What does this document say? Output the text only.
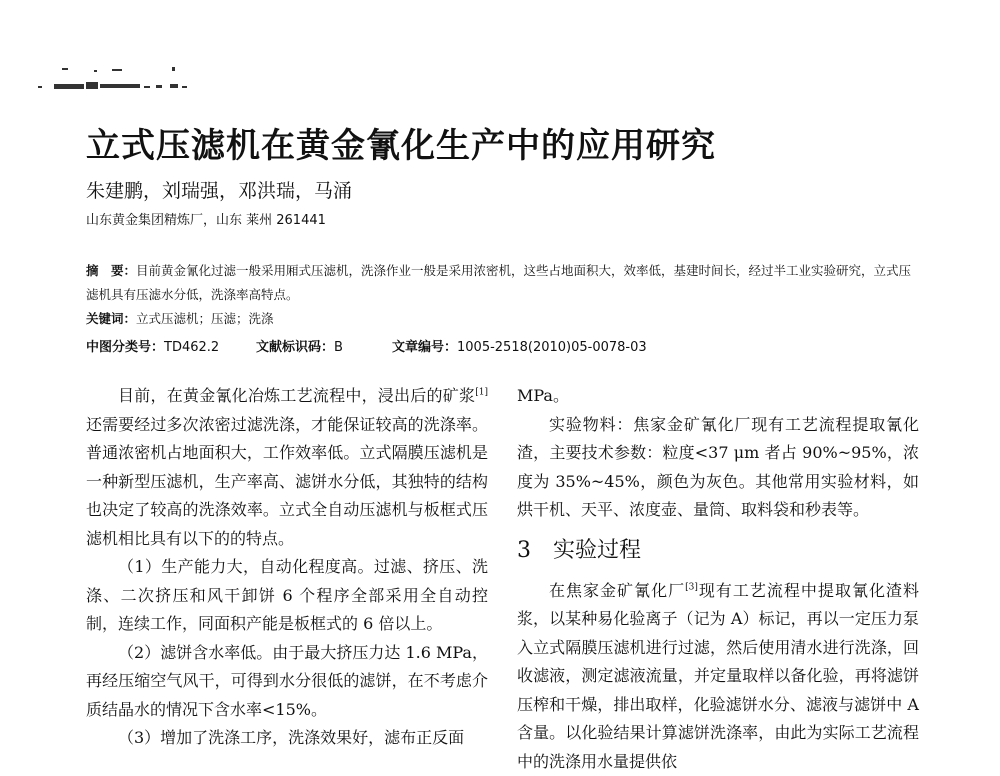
立式压滤机在黄金氰化生产中的应用研究

朱建鹏，刘瑞强，邓洪瑞，马涌

山东黄金集团精炼厂，山东 莱州 261441

摘　要：目前黄金氰化过滤一般采用厢式压滤机，洗涤作业一般是采用浓密机，这些占地面积大，效率低，基建时间长，经过半工业实验研究，立式压滤机具有压滤水分低，洗涤率高特点。

关键词：立式压滤机；压滤；洗涤

中图分类号：TD462.2	文献标识码：B	文章编号：1005-2518(2010)05-0078-03

目前，在黄金氰化冶炼工艺流程中，浸出后的矿浆[1]还需要经过多次浓密过滤洗涤，才能保证较高的洗涤率。普通浓密机占地面积大，工作效率低。立式隔膜压滤机是一种新型压滤机，生产率高、滤饼水分低，其独特的结构也决定了较高的洗涤效率。立式全自动压滤机与板框式压滤机相比具有以下的的特点。

（1）生产能力大，自动化程度高。过滤、挤压、洗涤、二次挤压和风干卸饼 6 个程序全部采用全自动控制，连续工作，同面积产能是板框式的 6 倍以上。

（2）滤饼含水率低。由于最大挤压力达 1.6 MPa，再经压缩空气风干，可得到水分很低的滤饼，在不考虑介质结晶水的情况下含水率<15%。

（3）增加了洗涤工序，洗涤效果好，滤布正反面

MPa。

实验物料：焦家金矿氰化厂现有工艺流程提取氰化渣，主要技术参数：粒度<37 μm 者占 90%~95%，浓度为 35%~45%，颜色为灰色。其他常用实验材料，如烘干机、天平、浓度壶、量筒、取料袋和秒表等。

3　实验过程

在焦家金矿氰化厂[3]现有工艺流程中提取氰化渣料浆，以某种易化验离子（记为 A）标记，再以一定压力泵入立式隔膜压滤机进行过滤，然后使用清水进行洗涤，回收滤液，测定滤液流量，并定量取样以备化验，再将滤饼压榨和干燥，排出取样，化验滤饼水分、滤液与滤饼中 A 含量。以化验结果计算滤饼洗涤率，由此为实际工艺流程中的洗涤用水量提供依
